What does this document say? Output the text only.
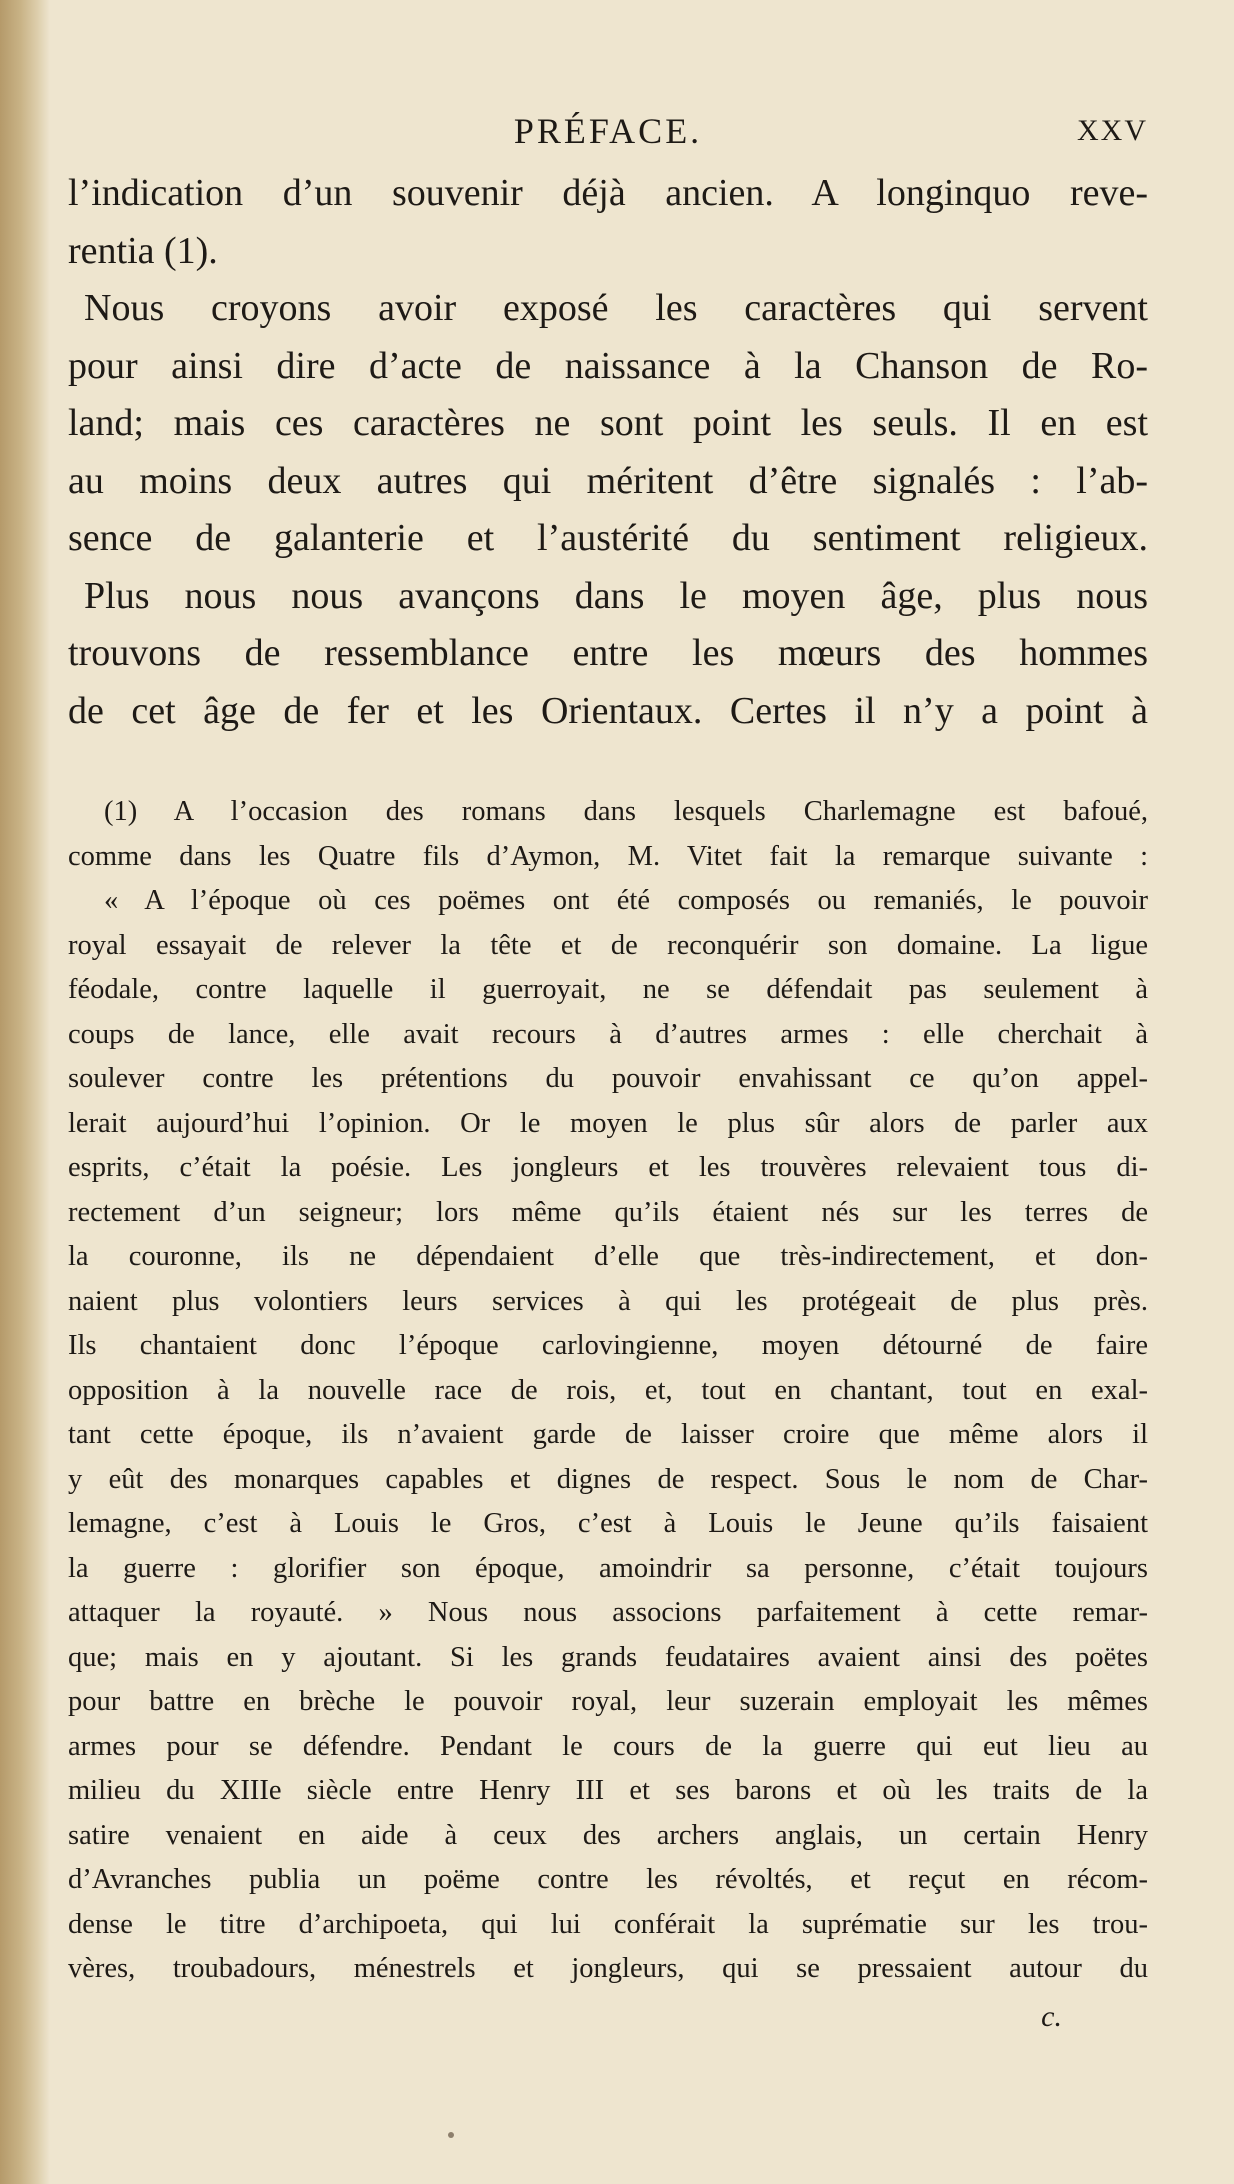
PRÉFACE.	XXV
l’indication d’un souvenir déjà ancien. A longinquo reve-
rentia (1).
Nous croyons avoir exposé les caractères qui servent
pour ainsi dire d’acte de naissance à la Chanson de Ro-
land; mais ces caractères ne sont point les seuls. Il en est
au moins deux autres qui méritent d’être signalés : l’ab-
sence de galanterie et l’austérité du sentiment religieux.
Plus nous nous avançons dans le moyen âge, plus nous
trouvons de ressemblance entre les mœurs des hommes
de cet âge de fer et les Orientaux. Certes il n’y a point à
(1) A l’occasion des romans dans lesquels Charlemagne est bafoué,
comme dans les Quatre fils d’Aymon, M. Vitet fait la remarque suivante :
« A l’époque où ces poëmes ont été composés ou remaniés, le pouvoir
royal essayait de relever la tête et de reconquérir son domaine. La ligue
féodale, contre laquelle il guerroyait, ne se défendait pas seulement à
coups de lance, elle avait recours à d’autres armes : elle cherchait à
soulever contre les prétentions du pouvoir envahissant ce qu’on appel-
lerait aujourd’hui l’opinion. Or le moyen le plus sûr alors de parler aux
esprits, c’était la poésie. Les jongleurs et les trouvères relevaient tous di-
rectement d’un seigneur; lors même qu’ils étaient nés sur les terres de
la couronne, ils ne dépendaient d’elle que très-indirectement, et don-
naient plus volontiers leurs services à qui les protégeait de plus près.
Ils chantaient donc l’époque carlovingienne, moyen détourné de faire
opposition à la nouvelle race de rois, et, tout en chantant, tout en exal-
tant cette époque, ils n’avaient garde de laisser croire que même alors il
y eût des monarques capables et dignes de respect. Sous le nom de Char-
lemagne, c’est à Louis le Gros, c’est à Louis le Jeune qu’ils faisaient
la guerre : glorifier son époque, amoindrir sa personne, c’était toujours
attaquer la royauté. » Nous nous associons parfaitement à cette remar-
que; mais en y ajoutant. Si les grands feudataires avaient ainsi des poëtes
pour battre en brèche le pouvoir royal, leur suzerain employait les mêmes
armes pour se défendre. Pendant le cours de la guerre qui eut lieu au
milieu du XIIIe siècle entre Henry III et ses barons et où les traits de la
satire venaient en aide à ceux des archers anglais, un certain Henry
d’Avranches publia un poëme contre les révoltés, et reçut en récom-
dense le titre d’archipoeta, qui lui conférait la suprématie sur les trou-
vères, troubadours, ménestrels et jongleurs, qui se pressaient autour du
c.
